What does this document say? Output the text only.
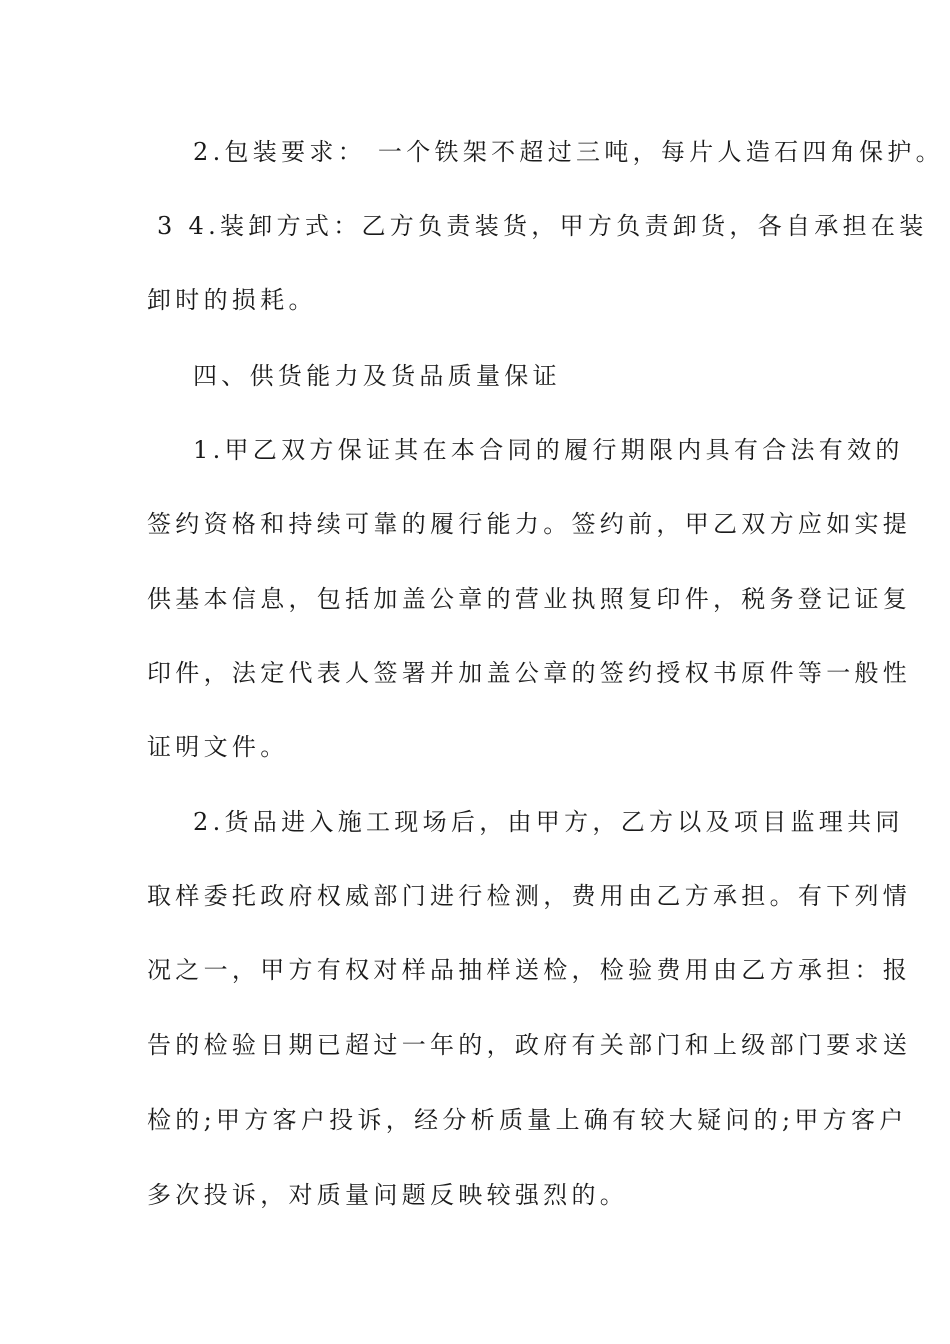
2.包装要求： 一个铁架不超过三吨，每片人造石四角保护。
3 4.装卸方式：乙方负责装货，甲方负责卸货，各自承担在装
卸时的损耗。
四、供货能力及货品质量保证
1.甲乙双方保证其在本合同的履行期限内具有合法有效的
签约资格和持续可靠的履行能力。签约前，甲乙双方应如实提
供基本信息，包括加盖公章的营业执照复印件，税务登记证复
印件，法定代表人签署并加盖公章的签约授权书原件等一般性
证明文件。
2.货品进入施工现场后，由甲方，乙方以及项目监理共同
取样委托政府权威部门进行检测，费用由乙方承担。有下列情
况之一，甲方有权对样品抽样送检，检验费用由乙方承担：报
告的检验日期已超过一年的，政府有关部门和上级部门要求送
检的;甲方客户投诉，经分析质量上确有较大疑问的;甲方客户
多次投诉，对质量问题反映较强烈的。
